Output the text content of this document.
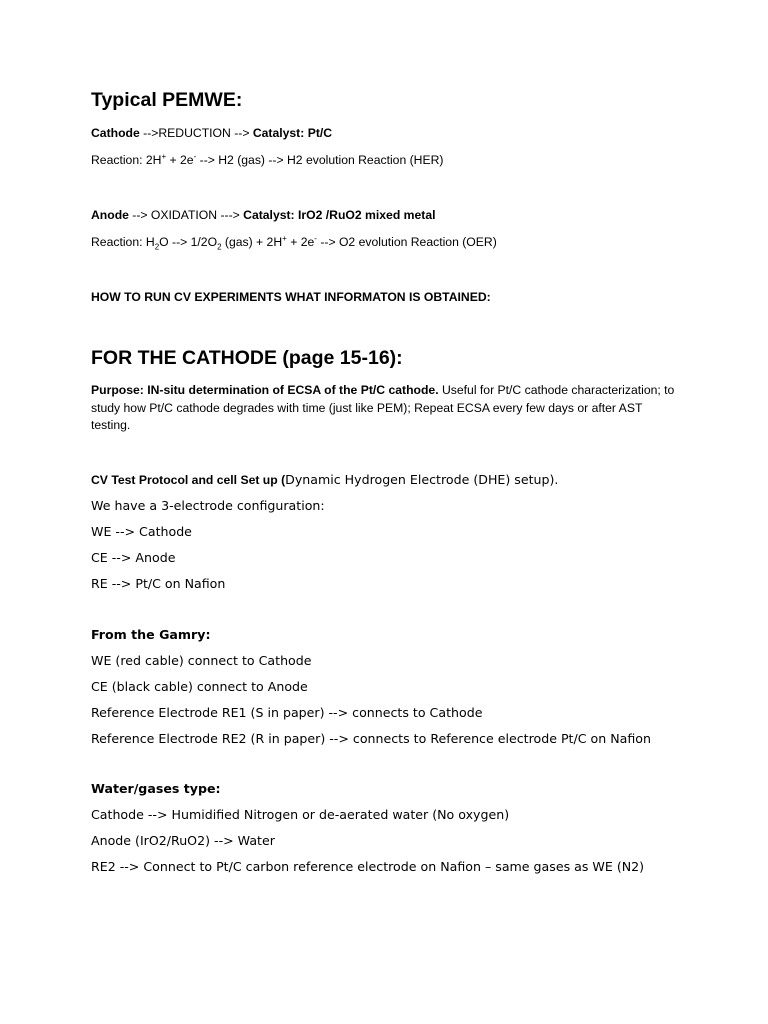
Typical PEMWE:
Cathode -->REDUCTION --> Catalyst: Pt/C
Reaction: 2H+ + 2e- --> H2 (gas) --> H2 evolution Reaction (HER)
Anode --> OXIDATION ---> Catalyst: IrO2 /RuO2 mixed metal
Reaction: $H_2O$ --> $1/2O_2$ (gas) + 2H+ + 2e- --> O2 evolution Reaction (OER)
HOW TO RUN CV EXPERIMENTS WHAT INFORMATON IS OBTAINED:
FOR THE CATHODE (page 15-16):
Purpose: IN-situ determination of ECSA of the Pt/C cathode. Useful for Pt/C cathode characterization; to study how Pt/C cathode degrades with time (just like PEM); Repeat ECSA every few days or after AST testing.
CV Test Protocol and cell Set up (Dynamic Hydrogen Electrode (DHE) setup).
We have a 3-electrode configuration:
WE --> Cathode
CE --> Anode
RE --> Pt/C on Nafion
From the Gamry:
WE (red cable) connect to Cathode
CE (black cable) connect to Anode
Reference Electrode RE1 (S in paper) --> connects to Cathode
Reference Electrode RE2 (R in paper) --> connects to Reference electrode Pt/C on Nafion
Water/gases type:
Cathode --> Humidified Nitrogen or de-aerated water (No oxygen)
Anode (IrO2/RuO2) --> Water
RE2 --> Connect to Pt/C carbon reference electrode on Nafion – same gases as WE (N2)
